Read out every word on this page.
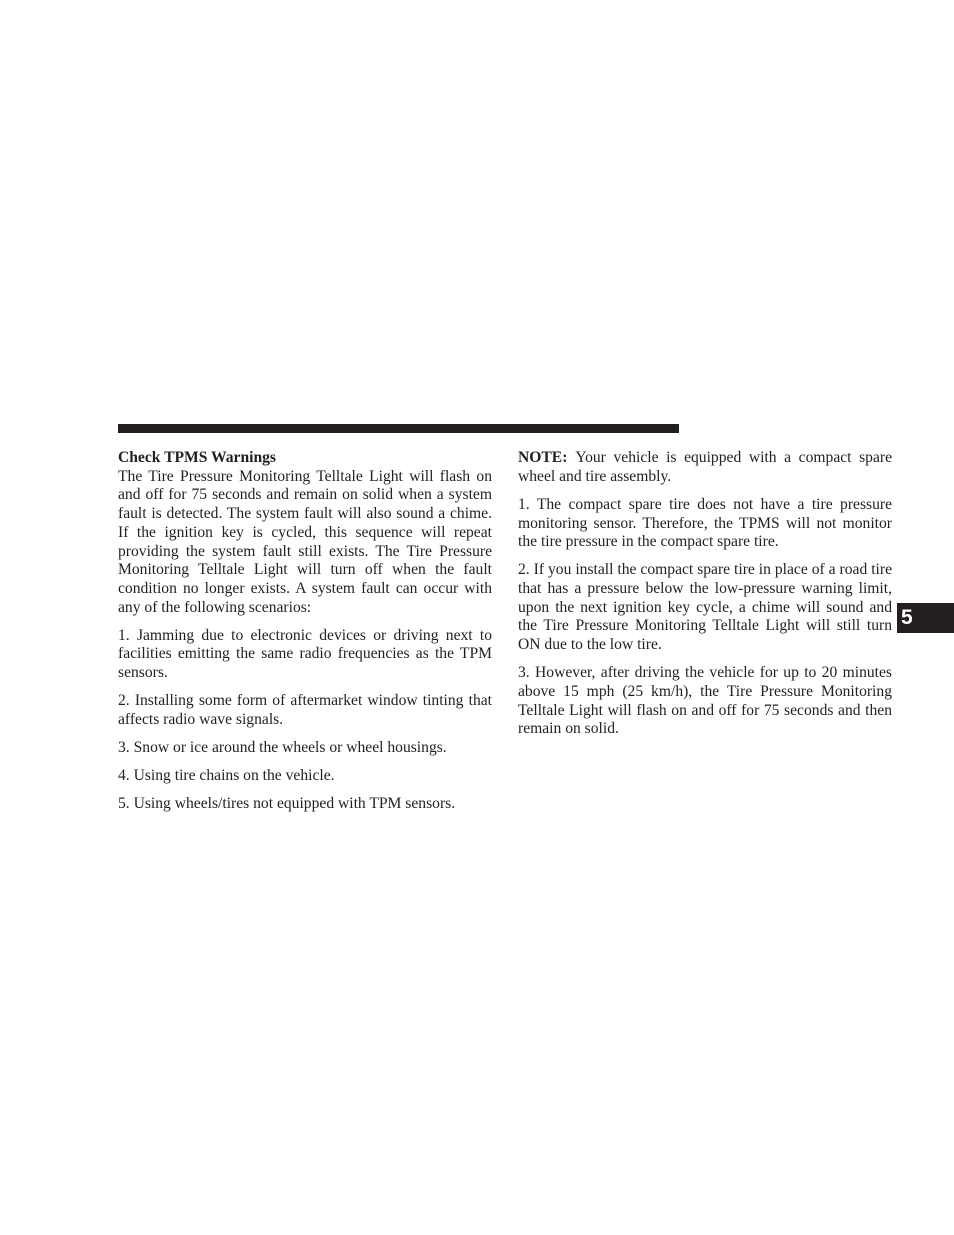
Check TPMS Warnings
The Tire Pressure Monitoring Telltale Light will flash on and off for 75 seconds and remain on solid when a system fault is detected. The system fault will also sound a chime. If the ignition key is cycled, this sequence will repeat providing the system fault still exists. The Tire Pressure Monitoring Telltale Light will turn off when the fault condition no longer exists. A system fault can occur with any of the following scenarios:

1. Jamming due to electronic devices or driving next to facilities emitting the same radio frequencies as the TPM sensors.

2. Installing some form of aftermarket window tinting that affects radio wave signals.

3. Snow or ice around the wheels or wheel housings.

4. Using tire chains on the vehicle.

5. Using wheels/tires not equipped with TPM sensors.

NOTE: Your vehicle is equipped with a compact spare wheel and tire assembly.

1. The compact spare tire does not have a tire pressure monitoring sensor. Therefore, the TPMS will not monitor the tire pressure in the compact spare tire.

2. If you install the compact spare tire in place of a road tire that has a pressure below the low-pressure warning limit, upon the next ignition key cycle, a chime will sound and the Tire Pressure Monitoring Telltale Light will still turn ON due to the low tire.

3. However, after driving the vehicle for up to 20 minutes above 15 mph (25 km/h), the Tire Pressure Monitoring Telltale Light will flash on and off for 75 seconds and then remain on solid.

5
